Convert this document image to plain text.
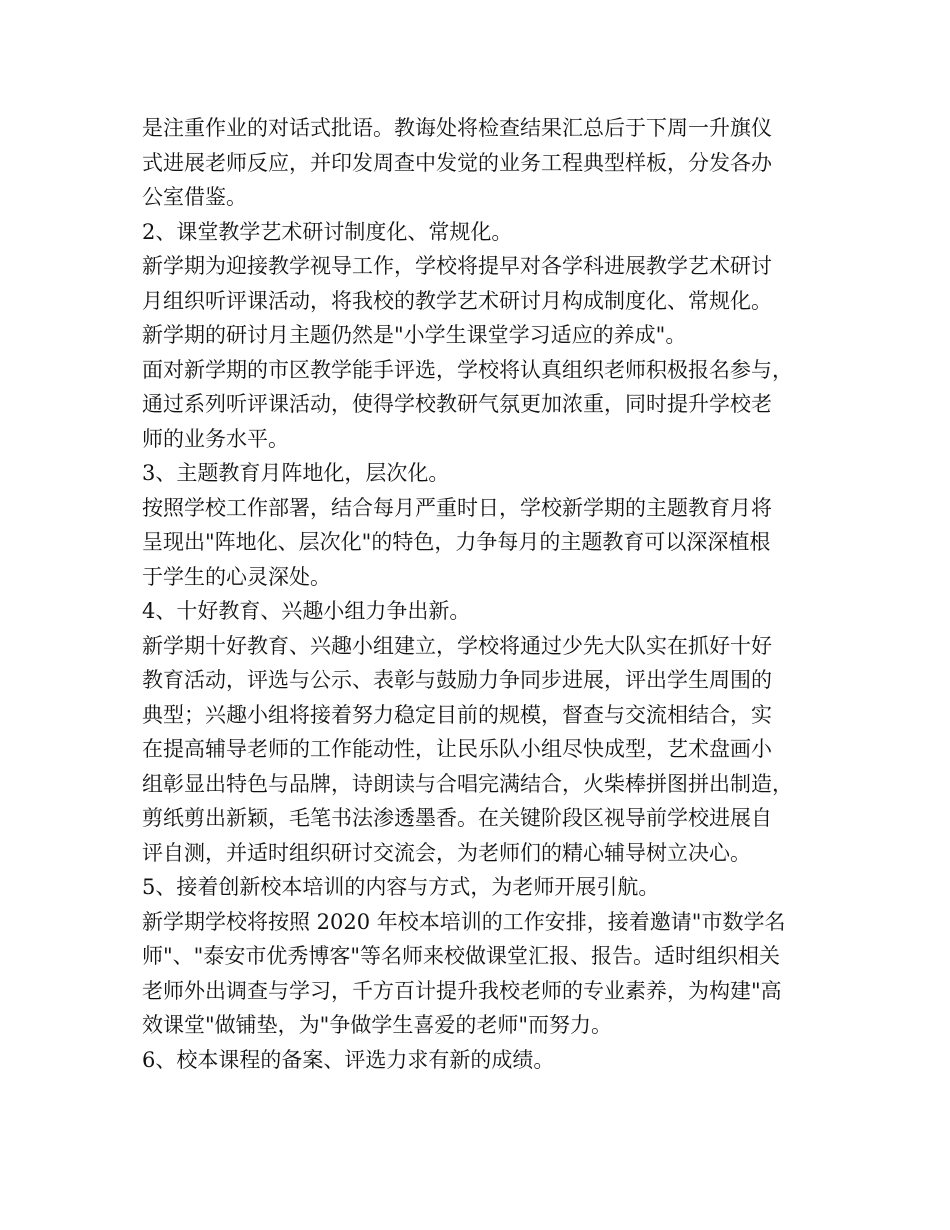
是注重作业的对话式批语。教诲处将检查结果汇总后于下周一升旗仪

式进展老师反应，并印发周查中发觉的业务工程典型样板，分发各办

公室借鉴。

2、课堂教学艺术研讨制度化、常规化。

新学期为迎接教学视导工作，学校将提早对各学科进展教学艺术研讨

月组织听评课活动，将我校的教学艺术研讨月构成制度化、常规化。

新学期的研讨月主题仍然是"小学生课堂学习适应的养成"。

面对新学期的市区教学能手评选，学校将认真组织老师积极报名参与，

通过系列听评课活动，使得学校教研气氛更加浓重，同时提升学校老

师的业务水平。

3、主题教育月阵地化，层次化。

按照学校工作部署，结合每月严重时日，学校新学期的主题教育月将

呈现出"阵地化、层次化"的特色，力争每月的主题教育可以深深植根

于学生的心灵深处。

4、十好教育、兴趣小组力争出新。

新学期十好教育、兴趣小组建立，学校将通过少先大队实在抓好十好

教育活动，评选与公示、表彰与鼓励力争同步进展，评出学生周围的

典型；兴趣小组将接着努力稳定目前的规模，督查与交流相结合，实

在提高辅导老师的工作能动性，让民乐队小组尽快成型，艺术盘画小

组彰显出特色与品牌，诗朗读与合唱完满结合，火柴棒拼图拼出制造，

剪纸剪出新颖，毛笔书法渗透墨香。在关键阶段区视导前学校进展自

评自测，并适时组织研讨交流会，为老师们的精心辅导树立决心。

5、接着创新校本培训的内容与方式，为老师开展引航。

新学期学校将按照 2020 年校本培训的工作安排，接着邀请"市数学名

师"、"泰安市优秀博客"等名师来校做课堂汇报、报告。适时组织相关

老师外出调查与学习，千方百计提升我校老师的专业素养，为构建"高

效课堂"做铺垫，为"争做学生喜爱的老师"而努力。

6、校本课程的备案、评选力求有新的成绩。
